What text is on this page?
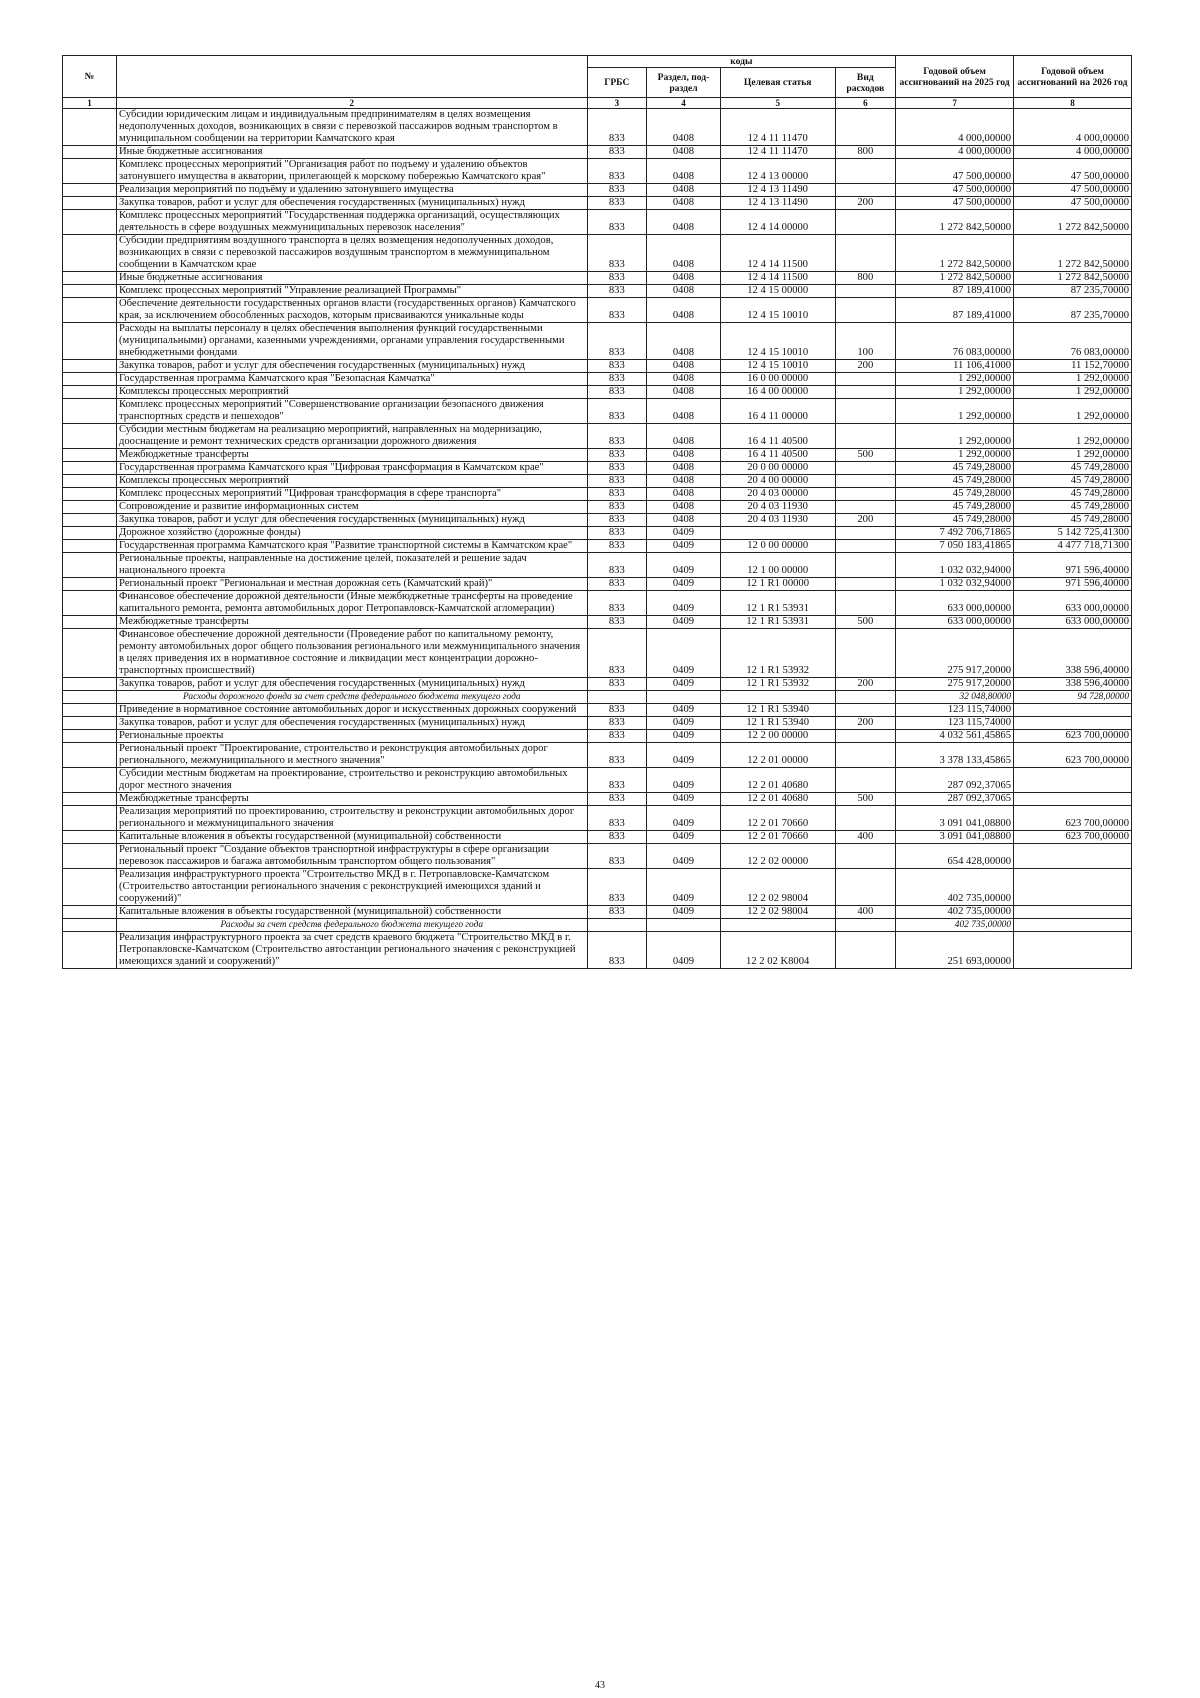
№		коды				Годовой объем ассигнований на 2025 год	Годовой объем ассигнований на 2026 год
		ГРБС	Раздел, под-раздел	Целевая статья	Вид расходов		
1	2	3	4	5	6	7	8
	Субсидии юридическим лицам и индивидуальным предпринимателям в целях возмещения недополученных доходов, возникающих в связи с перевозкой пассажиров водным транспортом в муниципальном сообщении на территории Камчатского края	833	0408	12 4 11 11470		4 000,00000	4 000,00000
	Иные бюджетные ассигнования	833	0408	12 4 11 11470	800	4 000,00000	4 000,00000
	Комплекс процессных мероприятий "Организация работ по подъему и удалению объектов затонувшего имущества в акватории, прилегающей к морскому побережью Камчатского края"	833	0408	12 4 13 00000		47 500,00000	47 500,00000
	Реализация мероприятий по подъёму и удалению затонувшего имущества	833	0408	12 4 13 11490		47 500,00000	47 500,00000
	Закупка товаров, работ и услуг для обеспечения государственных (муниципальных) нужд	833	0408	12 4 13 11490	200	47 500,00000	47 500,00000
	Комплекс процессных мероприятий "Государственная поддержка организаций, осуществляющих деятельность в сфере воздушных межмуниципальных перевозок населения"	833	0408	12 4 14 00000		1 272 842,50000	1 272 842,50000
	Субсидии предприятиям воздушного транспорта в целях возмещения недополученных доходов, возникающих в связи с перевозкой пассажиров воздушным транспортом в межмуниципальном сообщении в Камчатском крае	833	0408	12 4 14 11500		1 272 842,50000	1 272 842,50000
	Иные бюджетные ассигнования	833	0408	12 4 14 11500	800	1 272 842,50000	1 272 842,50000
	Комплекс процессных мероприятий "Управление реализацией Программы"	833	0408	12 4 15 00000		87 189,41000	87 235,70000
	Обеспечение деятельности государственных органов власти (государственных органов) Камчатского края, за исключением обособленных расходов, которым присваиваются уникальные коды	833	0408	12 4 15 10010		87 189,41000	87 235,70000
	Расходы на выплаты персоналу в целях обеспечения выполнения функций государственными (муниципальными) органами, казенными учреждениями, органами управления государственными внебюджетными фондами	833	0408	12 4 15 10010	100	76 083,00000	76 083,00000
	Закупка товаров, работ и услуг для обеспечения государственных (муниципальных) нужд	833	0408	12 4 15 10010	200	11 106,41000	11 152,70000
	Государственная программа Камчатского края "Безопасная Камчатка"	833	0408	16 0 00 00000		1 292,00000	1 292,00000
	Комплексы процессных мероприятий	833	0408	16 4 00 00000		1 292,00000	1 292,00000
	Комплекс процессных мероприятий "Совершенствование организации безопасного движения транспортных средств и пешеходов"	833	0408	16 4 11 00000		1 292,00000	1 292,00000
	Субсидии местным бюджетам на реализацию мероприятий, направленных на модернизацию, дооснащение и ремонт технических средств организации дорожного движения	833	0408	16 4 11 40500		1 292,00000	1 292,00000
	Межбюджетные трансферты	833	0408	16 4 11 40500	500	1 292,00000	1 292,00000
	Государственная программа Камчатского края "Цифровая трансформация в Камчатском крае"	833	0408	20 0 00 00000		45 749,28000	45 749,28000
	Комплексы процессных мероприятий	833	0408	20 4 00 00000		45 749,28000	45 749,28000
	Комплекс процессных мероприятий "Цифровая трансформация в сфере транспорта"	833	0408	20 4 03 00000		45 749,28000	45 749,28000
	Сопровождение и развитие информационных систем	833	0408	20 4 03 11930		45 749,28000	45 749,28000
	Закупка товаров, работ и услуг для обеспечения государственных (муниципальных) нужд	833	0408	20 4 03 11930	200	45 749,28000	45 749,28000
	Дорожное хозяйство (дорожные фонды)	833	0409			7 492 706,71865	5 142 725,41300
	Государственная программа Камчатского края "Развитие транспортной системы в Камчатском крае"	833	0409	12 0 00 00000		7 050 183,41865	4 477 718,71300
	Региональные проекты, направленные на достижение целей, показателей и решение задач национального проекта	833	0409	12 1 00 00000		1 032 032,94000	971 596,40000
	Региональный проект "Региональная и местная дорожная сеть (Камчатский край)"	833	0409	12 1 R1 00000		1 032 032,94000	971 596,40000
	Финансовое обеспечение дорожной деятельности (Иные межбюджетные трансферты на проведение капитального ремонта, ремонта автомобильных дорог Петропавловск-Камчатской агломерации)	833	0409	12 1 R1 53931		633 000,00000	633 000,00000
	Межбюджетные трансферты	833	0409	12 1 R1 53931	500	633 000,00000	633 000,00000
	Финансовое обеспечение дорожной деятельности (Проведение работ по капитальному ремонту, ремонту автомобильных дорог общего пользования регионального или межмуниципального значения в целях приведения их в нормативное состояние и ликвидации мест концентрации дорожно-транспортных происшествий)	833	0409	12 1 R1 53932		275 917,20000	338 596,40000
	Закупка товаров, работ и услуг для обеспечения государственных (муниципальных) нужд	833	0409	12 1 R1 53932	200	275 917,20000	338 596,40000
	Расходы дорожного фонда за счет средств федерального бюджета текущего года					32 048,80000	94 728,00000
	Приведение в нормативное состояние автомобильных дорог и искусственных дорожных сооружений	833	0409	12 1 R1 53940		123 115,74000	
	Закупка товаров, работ и услуг для обеспечения государственных (муниципальных) нужд	833	0409	12 1 R1 53940	200	123 115,74000	
	Региональные проекты	833	0409	12 2 00 00000		4 032 561,45865	623 700,00000
	Региональный проект "Проектирование, строительство и реконструкция автомобильных дорог регионального, межмуниципального и местного значения"	833	0409	12 2 01 00000		3 378 133,45865	623 700,00000
	Субсидии местным бюджетам на проектирование, строительство и реконструкцию автомобильных дорог местного значения	833	0409	12 2 01 40680		287 092,37065	
	Межбюджетные трансферты	833	0409	12 2 01 40680	500	287 092,37065	
	Реализация мероприятий по проектированию, строительству и реконструкции автомобильных дорог регионального и межмуниципального значения	833	0409	12 2 01 70660		3 091 041,08800	623 700,00000
	Капитальные вложения в объекты государственной (муниципальной) собственности	833	0409	12 2 01 70660	400	3 091 041,08800	623 700,00000
	Региональный проект "Создание объектов транспортной инфраструктуры в сфере организации перевозок пассажиров и багажа автомобильным транспортом общего пользования"	833	0409	12 2 02 00000		654 428,00000	
	Реализация инфраструктурного проекта "Строительство МКД в г. Петропавловске-Камчатском (Строительство автостанции регионального значения с реконструкцией имеющихся зданий и сооружений)"	833	0409	12 2 02 98004		402 735,00000	
	Капитальные вложения в объекты государственной (муниципальной) собственности	833	0409	12 2 02 98004	400	402 735,00000	
	Расходы за счет средств федерального бюджета текущего года					402 735,00000	
	Реализация инфраструктурного проекта за счет средств краевого бюджета "Строительство МКД в г. Петропавловске-Камчатском (Строительство автостанции регионального значения с реконструкцией имеющихся зданий и сооружений)"	833	0409	12 2 02 K8004		251 693,00000	
43
